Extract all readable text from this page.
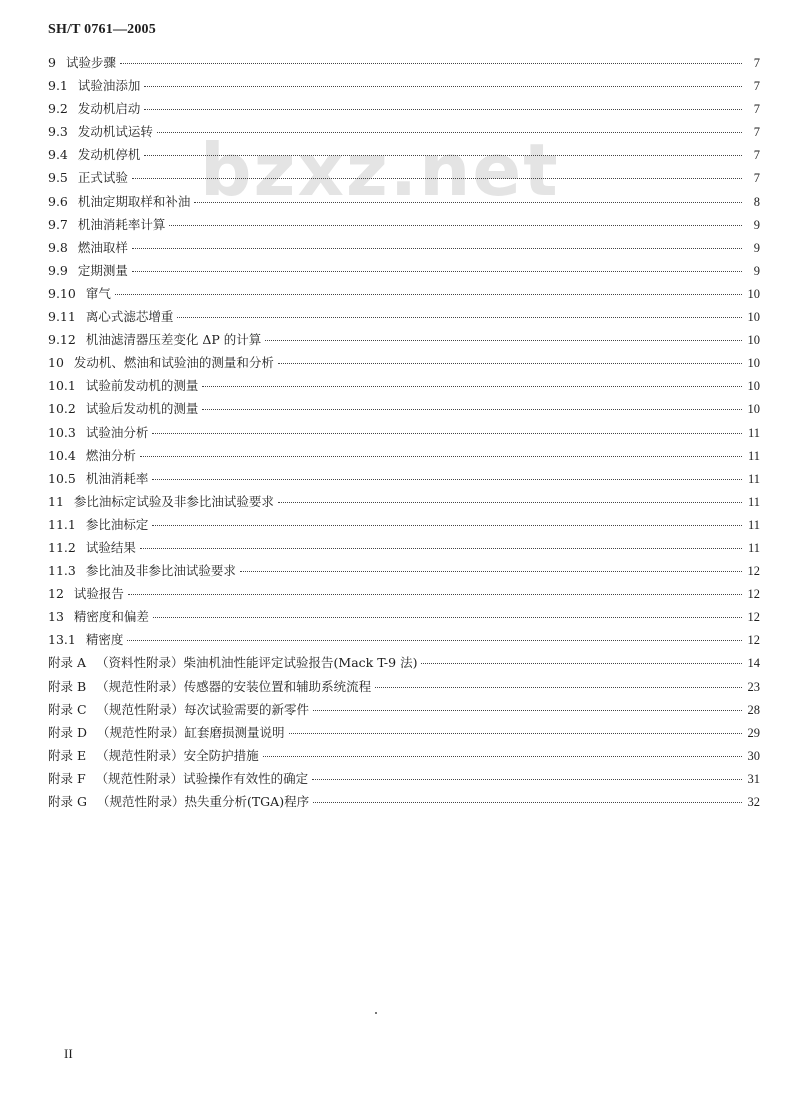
SH/T 0761—2005
bzxz.net
9 试验步骤	7
9.1 试验油添加	7
9.2 发动机启动	7
9.3 发动机试运转	7
9.4 发动机停机	7
9.5 正式试验	7
9.6 机油定期取样和补油	8
9.7 机油消耗率计算	9
9.8 燃油取样	9
9.9 定期测量	9
9.10 窜气	10
9.11 离心式滤芯增重	10
9.12 机油滤清器压差变化 ΔP 的计算	10
10 发动机、燃油和试验油的测量和分析	10
10.1 试验前发动机的测量	10
10.2 试验后发动机的测量	10
10.3 试验油分析	11
10.4 燃油分析	11
10.5 机油消耗率	11
11 参比油标定试验及非参比油试验要求	11
11.1 参比油标定	11
11.2 试验结果	11
11.3 参比油及非参比油试验要求	12
12 试验报告	12
13 精密度和偏差	12
13.1 精密度	12
附录 A （资料性附录）柴油机油性能评定试验报告(Mack T-9 法)	14
附录 B （规范性附录）传感器的安装位置和辅助系统流程	23
附录 C （规范性附录）每次试验需要的新零件	28
附录 D （规范性附录）缸套磨损测量说明	29
附录 E （规范性附录）安全防护措施	30
附录 F （规范性附录）试验操作有效性的确定	31
附录 G （规范性附录）热失重分析(TGA)程序	32
II
